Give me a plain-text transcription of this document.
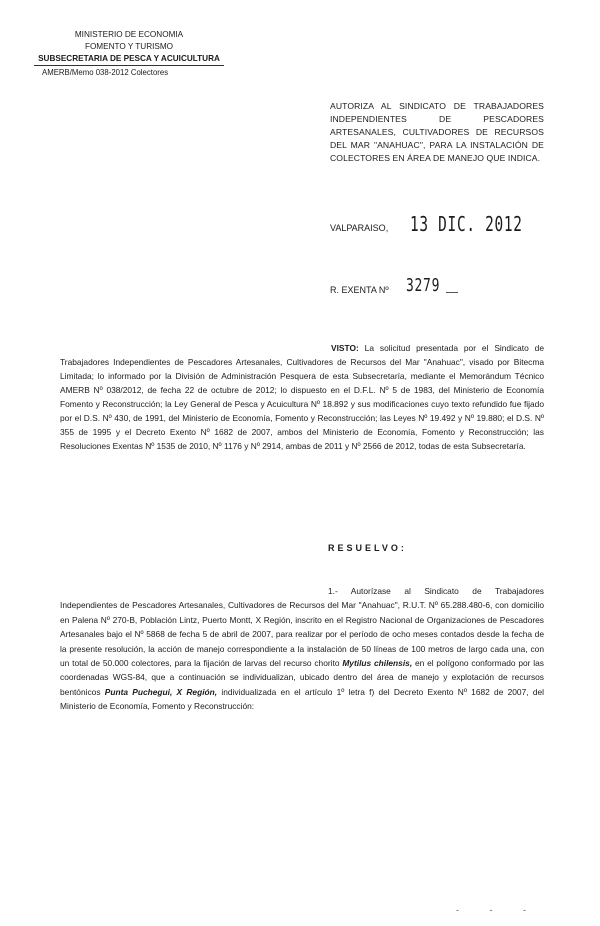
MINISTERIO DE ECONOMIA
FOMENTO Y TURISMO
SUBSECRETARIA DE PESCA Y ACUICULTURA
AMERB/Memo 038-2012 Colectores
AUTORIZA AL SINDICATO DE TRABAJADORES INDEPENDIENTES DE PESCADORES ARTESANALES, CULTIVADORES DE RECURSOS DEL MAR "ANAHUAC", PARA LA INSTALACIÓN DE COLECTORES EN ÁREA DE MANEJO QUE INDICA.
VALPARAISO, 13 DIC. 2012
R. EXENTA Nº 3279
VISTO: La solicitud presentada por el Sindicato de Trabajadores Independientes de Pescadores Artesanales, Cultivadores de Recursos del Mar "Anahuac", visado por Bitecma Limitada; lo informado por la División de Administración Pesquera de esta Subsecretaría, mediante el Memorándum Técnico AMERB Nº 038/2012, de fecha 22 de octubre de 2012; lo dispuesto en el D.F.L. Nº 5 de 1983, del Ministerio de Economía Fomento y Reconstrucción; la Ley General de Pesca y Acuicultura Nº 18.892 y sus modificaciones cuyo texto refundido fue fijado por el D.S. Nº 430, de 1991, del Ministerio de Economía, Fomento y Reconstrucción; las Leyes Nº 19.492 y Nº 19.880; el D.S. Nº 355 de 1995 y el Decreto Exento Nº 1682 de 2007, ambos del Ministerio de Economía, Fomento y Reconstrucción; las Resoluciones Exentas Nº 1535 de 2010, Nº 1176 y Nº 2914, ambas de 2011 y Nº 2566 de 2012, todas de esta Subsecretaría.
RESUELVO:
1.- Autorízase al Sindicato de Trabajadores Independientes de Pescadores Artesanales, Cultivadores de Recursos del Mar "Anahuac", R.U.T. Nº 65.288.480-6, con domicilio en Palena Nº 270-B, Población Lintz, Puerto Montt, X Región, inscrito en el Registro Nacional de Organizaciones de Pescadores Artesanales bajo el Nº 5868 de fecha 5 de abril de 2007, para realizar por el período de ocho meses contados desde la fecha de la presente resolución, la acción de manejo correspondiente a la instalación de 50 líneas de 100 metros de largo cada una, con un total de 50.000 colectores, para la fijación de larvas del recurso chorito Mytilus chilensis, en el polígono conformado por las coordenadas WGS-84, que a continuación se individualizan, ubicado dentro del área de manejo y explotación de recursos bentónicos Punta Puchegui, X Región, individualizada en el artículo 1º letra f) del Decreto Exento Nº 1682 de 2007, del Ministerio de Economía, Fomento y Reconstrucción:
- - -
